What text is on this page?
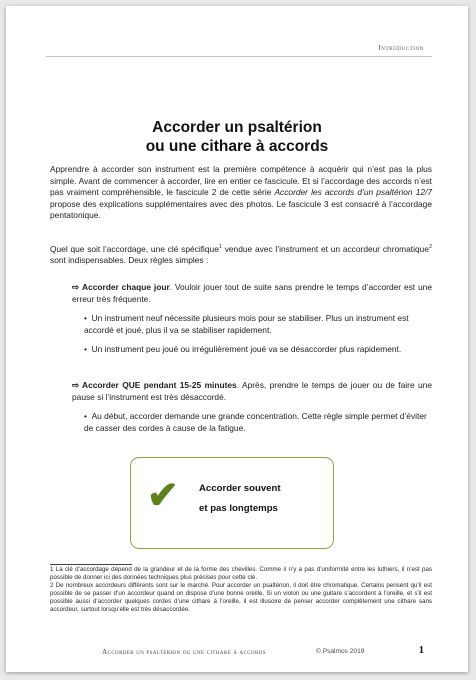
Introduction
Accorder un psaltérion
ou une cithare à accords

Apprendre à accorder son instrument est la première compétence à acquérir qui n’est pas la plus simple. Avant de commencer à accorder, lire en entier ce fascicule. Et si l’accordage des accords n’est pas vraiment compréhensible, le fascicule 2 de cette série Accorder les accords d’un psaltérion 12/7 propose des explications supplémentaires avec des photos. Le fascicule 3 est consacré à l’accordage pentatonique.

Quel que soit l’accordage, une clé spécifique$^1$ vendue avec l’instrument et un accordeur chromatique$^2$ sont indispensables. Deux règles simples :

⇨ Accorder chaque jour. Vouloir jouer tout de suite sans prendre le temps d’accorder est une erreur très fréquente.

•  Un instrument neuf nécessite plusieurs mois pour se stabiliser. Plus un instrument est accordé et joué, plus il va se stabiliser rapidement.
•  Un instrument peu joué ou irrégulièrement joué va se désaccorder plus rapidement.

⇨ Accorder QUE pendant 15-25 minutes. Après, prendre le temps de jouer ou de faire une pause si l’instrument est très désaccordé.

•  Au début, accorder demande une grande concentration. Cette règle simple permet d’éviter de casser des cordes à cause de la fatigue.
✔ Accorder souvent
et pas longtemps
1 La clé d’accordage dépend de la grandeur et de la forme des chevilles. Comme il n’y a pas d’uniformité entre les luthiers, il n’est pas possible de donner ici des données techniques plus précises pour cette clé.
2 De nombreux accordeurs différents sont sur le marché. Pour accorder un psaltérion, il doit être chromatique. Certains pensent qu’il est possible de se passer d’un accordeur quand on dispose d’une bonne oreille. Si un violon ou une guitare s’accordent à l’oreille, et s’il est possible aussi d’accorder quelques cordes d’une cithare à l’oreille, il est illusoire de penser accorder complètement une cithare sans accordeur, surtout lorsqu’elle est très désaccordée.
Accorder un psaltérion ou une cithare à accords	© Psalmos 2019	1
